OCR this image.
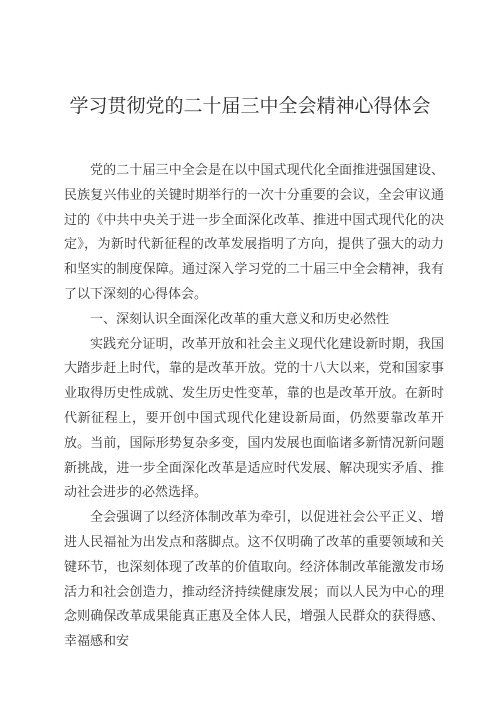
学习贯彻党的二十届三中全会精神心得体会

党的二十届三中全会是在以中国式现代化全面推进强国建设、民族复兴伟业的关键时期举行的一次十分重要的会议，全会审议通过的《中共中央关于进一步全面深化改革、推进中国式现代化的决定》，为新时代新征程的改革发展指明了方向，提供了强大的动力和坚实的制度保障。通过深入学习党的二十届三中全会精神，我有了以下深刻的心得体会。

一、深刻认识全面深化改革的重大意义和历史必然性

实践充分证明，改革开放和社会主义现代化建设新时期，我国大踏步赶上时代，靠的是改革开放。党的十八大以来，党和国家事业取得历史性成就、发生历史性变革，靠的也是改革开放。在新时代新征程上，要开创中国式现代化建设新局面，仍然要靠改革开放。当前，国际形势复杂多变，国内发展也面临诸多新情况新问题新挑战，进一步全面深化改革是适应时代发展、解决现实矛盾、推动社会进步的必然选择。

全会强调了以经济体制改革为牵引，以促进社会公平正义、增进人民福祉为出发点和落脚点。这不仅明确了改革的重要领域和关键环节，也深刻体现了改革的价值取向。经济体制改革能激发市场活力和社会创造力，推动经济持续健康发展；而以人民为中心的理念则确保改革成果能真正惠及全体人民，增强人民群众的获得感、幸福感和安
